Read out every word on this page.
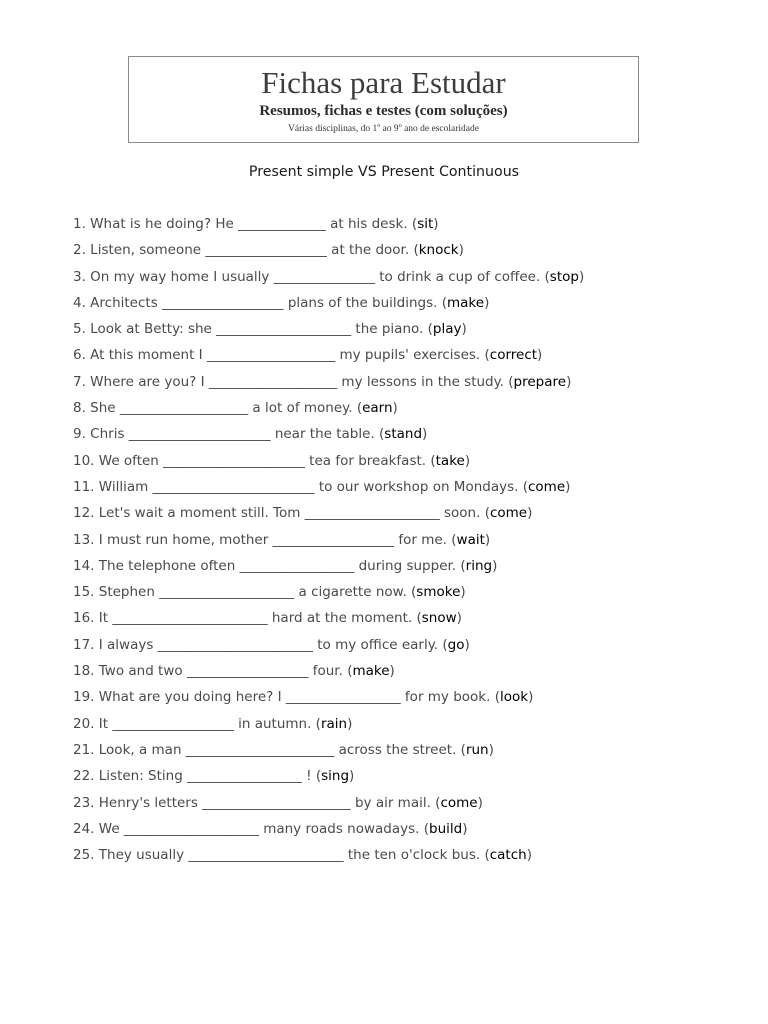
Fichas para Estudar
Resumos, fichas e testes (com soluções)
Várias disciplinas, do 1$^o$ ao 9$^o$ ano de escolaridade
Present simple VS Present Continuous
1. What is he doing? He _____________ at his desk. (sit)
2. Listen, someone __________________ at the door. (knock)
3. On my way home I usually _______________ to drink a cup of coffee. (stop)
4. Architects __________________ plans of the buildings. (make)
5. Look at Betty: she ____________________ the piano. (play)
6. At this moment I ___________________ my pupils' exercises. (correct)
7. Where are you? I ___________________ my lessons in the study. (prepare)
8. She ___________________ a lot of money. (earn)
9. Chris _____________________ near the table. (stand)
10. We often _____________________ tea for breakfast. (take)
11. William ________________________ to our workshop on Mondays. (come)
12. Let's wait a moment still. Tom ____________________ soon. (come)
13. I must run home, mother __________________ for me. (wait)
14. The telephone often _________________ during supper. (ring)
15. Stephen ____________________ a cigarette now. (smoke)
16. It _______________________ hard at the moment. (snow)
17. I always _______________________ to my office early. (go)
18. Two and two __________________ four. (make)
19. What are you doing here? I _________________ for my book. (look)
20. It __________________ in autumn. (rain)
21. Look, a man ______________________ across the street. (run)
22. Listen: Sting _________________ ! (sing)
23. Henry's letters ______________________ by air mail. (come)
24. We ____________________ many roads nowadays. (build)
25. They usually _______________________ the ten o'clock bus. (catch)
